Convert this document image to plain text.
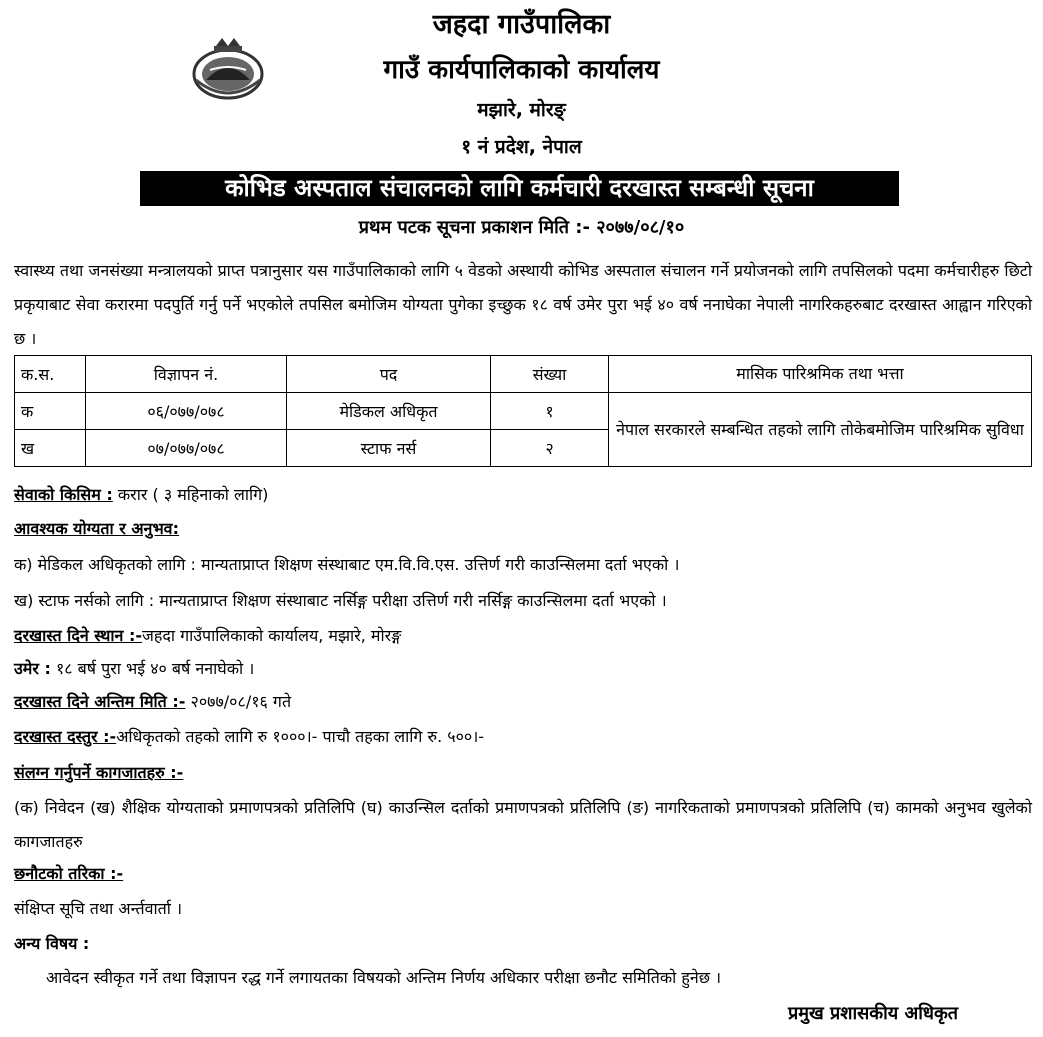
जहदा गाउँपालिका
गाउँ कार्यपालिकाको कार्यालय
मझारे, मोरङ्
१ नं प्रदेश, नेपाल
कोभिड अस्पताल संचालनको लागि कर्मचारी दरखास्त सम्बन्धी सूचना
प्रथम पटक सूचना प्रकाशन मिति :- २०७७/०८/१०
स्वास्थ्य तथा जनसंख्या मन्त्रालयको प्राप्त पत्रानुसार यस गाउँपालिकाको लागि ५ वेडको अस्थायी कोभिड अस्पताल संचालन गर्ने प्रयोजनको लागि तपसिलको पदमा कर्मचारीहरु छिटो प्रकृयाबाट सेवा करारमा पदपुर्ति गर्नु पर्ने भएकोले तपसिल बमोजिम योग्यता पुगेका इच्छुक १८ वर्ष उमेर पुरा भई ४० वर्ष ननाघेका नेपाली नागरिकहरुबाट दरखास्त आह्वान गरिएको छ ।
क.स.	विज्ञापन नं.	पद	संख्या	मासिक पारिश्रमिक तथा भत्ता
क	०६/०७७/०७८	मेडिकल अधिकृत	१	नेपाल सरकारले सम्बन्धित तहको लागि तोकेबमोजिम पारिश्रमिक सुविधा
ख	०७/०७७/०७८	स्टाफ नर्स	२	
सेवाको किसिम : करार ( ३ महिनाको लागि)
आवश्यक योग्यता र अनुभव:
क) मेडिकल अधिकृतको लागि : मान्यताप्राप्त शिक्षण संस्थाबाट एम.वि.वि.एस. उत्तिर्ण गरी काउन्सिलमा दर्ता भएको ।
ख) स्टाफ नर्सको लागि : मान्यताप्राप्त शिक्षण संस्थाबाट नर्सिङ्ग परीक्षा उत्तिर्ण गरी नर्सिङ्ग काउन्सिलमा दर्ता भएको ।
दरखास्त दिने स्थान :-जहदा गाउँपालिकाको कार्यालय, मझारे, मोरङ्ग
उमेर : १८ बर्ष पुरा भई ४० बर्ष ननाघेको ।
दरखास्त दिने अन्तिम मिति :- २०७७/०८/१६ गते
दरखास्त दस्तुर :-अधिकृतको तहको लागि रु १०००।- पाचौ तहका लागि रु. ५००।-
संलग्न गर्नुपर्ने कागजातहरु :-
(क) निवेदन (ख) शैक्षिक योग्यताको प्रमाणपत्रको प्रतिलिपि (घ) काउन्सिल दर्ताको प्रमाणपत्रको प्रतिलिपि (ङ) नागरिकताको प्रमाणपत्रको प्रतिलिपि (च) कामको अनुभव खुलेको कागजातहरु
छनौटको तरिका :-
संक्षिप्त सूचि तथा अर्न्तवार्ता ।
अन्य विषय :
आवेदन स्वीकृत गर्ने तथा विज्ञापन रद्ध गर्ने लगायतका विषयको अन्तिम निर्णय अधिकार परीक्षा छनौट समितिको हुनेछ ।
प्रमुख प्रशासकीय अधिकृत
